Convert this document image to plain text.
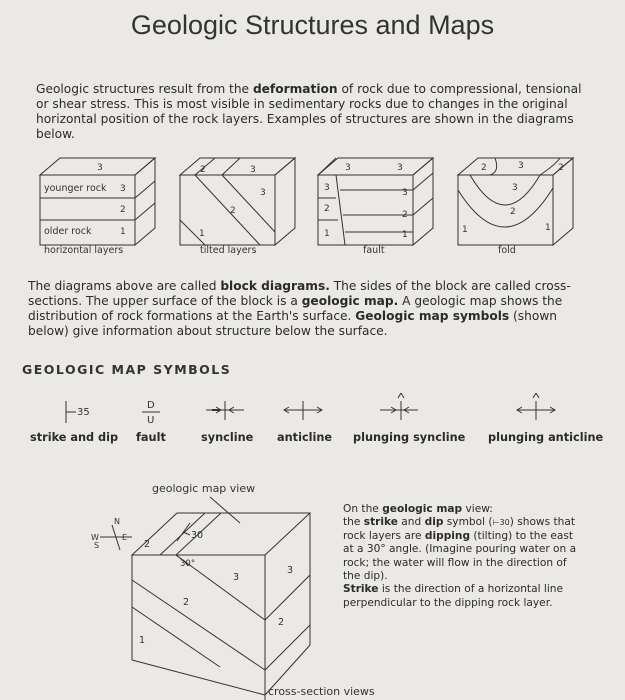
Geologic Structures and Maps
Geologic structures result from the deformation of rock due to compressional, tensional or shear stress. This is most visible in sedimentary rocks due to changes in the original horizontal position of the rock layers. Examples of structures are shown in the diagrams below.
3
younger rock 3
2
older rock	1
horizontal layers
2	3
3
2
1
tilted layers
3
3
2
1
3
3
2
1
fault
2	3	2
3
2
1	1
fold
The diagrams above are called block diagrams. The sides of the block are called cross-sections. The upper surface of the block is a geologic map. A geologic map shows the distribution of rock formations at the Earth's surface. Geologic map symbols (shown below) give information about structure below the surface.
GEOLOGIC MAP SYMBOLS
35
D
U
strike and dip fault	syncline anticline plunging syncline plunging anticline
geologic map view
N
W	E
S
30
30°
2
3
3
2
2
1
cross-section views
On the geologic map view:
the strike and dip symbol (⊢30) shows that rock layers are dipping (tilting) to the east at a 30° angle. (Imagine pouring water on a rock; the water will flow in the direction of the dip).
Strike is the direction of a horizontal line perpendicular to the dipping rock layer.
